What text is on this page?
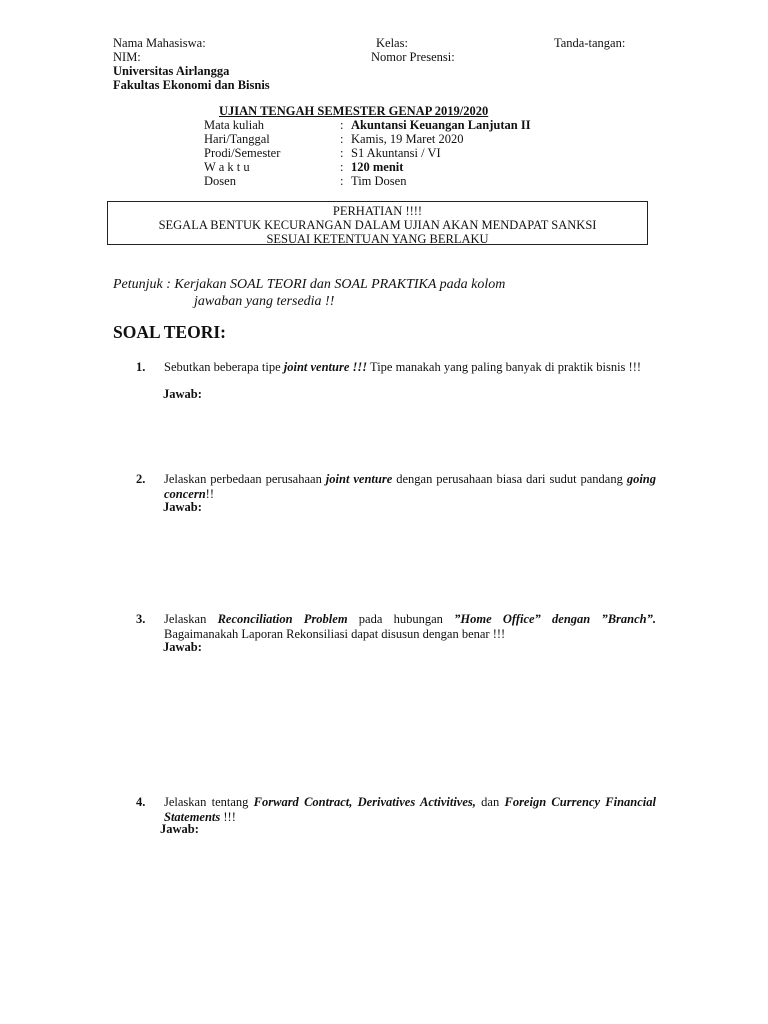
Nama Mahasiswa:	Kelas:	Tanda-tangan:
NIM:	Nomor Presensi:
Universitas Airlangga
Fakultas Ekonomi dan Bisnis
UJIAN TENGAH SEMESTER GENAP 2019/2020
Mata kuliah	: Akuntansi Keuangan Lanjutan II
Hari/Tanggal	: Kamis, 19 Maret 2020
Prodi/Semester	: S1 Akuntansi / VI
W a k t u	: 120 menit
Dosen	: Tim Dosen
PERHATIAN !!!!
SEGALA BENTUK KECURANGAN DALAM UJIAN AKAN MENDAPAT SANKSI
SESUAI KETENTUAN YANG BERLAKU
Petunjuk : Kerjakan SOAL TEORI dan SOAL PRAKTIKA pada kolom
jawaban yang tersedia !!
SOAL TEORI:
1. Sebutkan beberapa tipe joint venture !!! Tipe manakah yang paling banyak di praktik bisnis !!!
Jawab:
2. Jelaskan perbedaan perusahaan joint venture dengan perusahaan biasa dari sudut pandang going concern!!
Jawab:
3. Jelaskan Reconciliation Problem pada hubungan ”Home Office” dengan ”Branch”. Bagaimanakah Laporan Rekonsiliasi dapat disusun dengan benar !!!
Jawab:
4. Jelaskan tentang Forward Contract, Derivatives Activitives, dan Foreign Currency Financial Statements !!!
Jawab:
